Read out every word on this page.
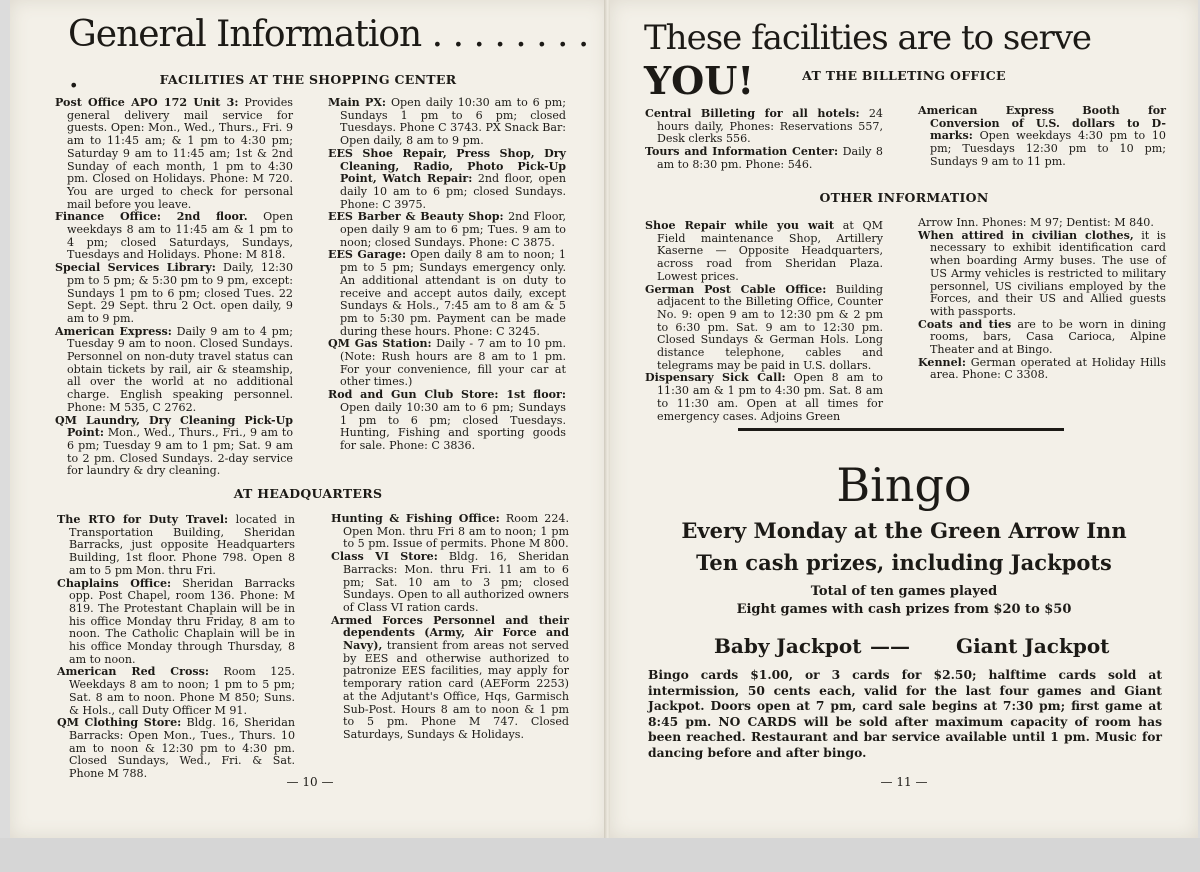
General Information . . . . . . . . .	FACILITIES AT THE SHOPPING CENTER

Post Office APO 172 Unit 3: Provides general delivery mail service for guests. Open: Mon., Wed., Thurs., Fri. 9 am to 11:45 am; & 1 pm to 4:30 pm; Saturday 9 am to 11:45 am; 1st & 2nd Sunday of each month, 1 pm to 4:30 pm. Closed on Holidays. Phone: M 720. You are urged to check for personal mail before you leave.

Finance Office: 2nd floor. Open weekdays 8 am to 11:45 am & 1 pm to 4 pm; closed Saturdays, Sundays, Tuesdays and Holidays. Phone: M 818.

Special Services Library: Daily, 12:30 pm to 5 pm; & 5:30 pm to 9 pm, except: Sundays 1 pm to 6 pm; closed Tues. 22 Sept. 29 Sept. thru 2 Oct. open daily, 9 am to 9 pm.

American Express: Daily 9 am to 4 pm; Tuesday 9 am to noon. Closed Sundays. Personnel on non-duty travel status can obtain tickets by rail, air & steamship, all over the world at no additional charge. English speaking personnel. Phone: M 535, C 2762.

QM Laundry, Dry Cleaning Pick-Up Point: Mon., Wed., Thurs., Fri., 9 am to 6 pm; Tuesday 9 am to 1 pm; Sat. 9 am to 2 pm. Closed Sundays. 2-day service for laundry & dry cleaning.

Main PX: Open daily 10:30 am to 6 pm; Sundays 1 pm to 6 pm; closed Tuesdays. Phone C 3743. PX Snack Bar: Open daily, 8 am to 9 pm.

EES Shoe Repair, Press Shop, Dry Cleaning, Radio, Photo Pick-Up Point, Watch Repair: 2nd floor, open daily 10 am to 6 pm; closed Sundays. Phone: C 3975.

EES Barber & Beauty Shop: 2nd Floor, open daily 9 am to 6 pm; Tues. 9 am to noon; closed Sundays. Phone: C 3875.

EES Garage: Open daily 8 am to noon; 1 pm to 5 pm; Sundays emergency only. An additional attendant is on duty to receive and accept autos daily, except Sundays & Hols., 7:45 am to 8 am & 5 pm to 5:30 pm. Payment can be made during these hours. Phone: C 3245.

QM Gas Station: Daily - 7 am to 10 pm. (Note: Rush hours are 8 am to 1 pm. For your convenience, fill your car at other times.)

Rod and Gun Club Store: 1st floor: Open daily 10:30 am to 6 pm; Sundays 1 pm to 6 pm; closed Tuesdays. Hunting, Fishing and sporting goods for sale. Phone: C 3836.

AT HEADQUARTERS

The RTO for Duty Travel: located in Transportation Building, Sheridan Barracks, just opposite Headquarters Building, 1st floor. Phone 798. Open 8 am to 5 pm Mon. thru Fri.

Chaplains Office: Sheridan Barracks opp. Post Chapel, room 136. Phone: M 819. The Protestant Chaplain will be in his office Monday thru Friday, 8 am to noon. The Catholic Chaplain will be in his office Monday through Thursday, 8 am to noon.

American Red Cross: Room 125. Weekdays 8 am to noon; 1 pm to 5 pm; Sat. 8 am to noon. Phone M 850; Suns. & Hols., call Duty Officer M 91.

QM Clothing Store: Bldg. 16, Sheridan Barracks: Open Mon., Tues., Thurs. 10 am to noon & 12:30 pm to 4:30 pm. Closed Sundays, Wed., Fri. & Sat. Phone M 788.

Hunting & Fishing Office: Room 224. Open Mon. thru Fri 8 am to noon; 1 pm to 5 pm. Issue of permits. Phone M 800.

Class VI Store: Bldg. 16, Sheridan Barracks: Mon. thru Fri. 11 am to 6 pm; Sat. 10 am to 3 pm; closed Sundays. Open to all authorized owners of Class VI ration cards.

Armed Forces Personnel and their dependents (Army, Air Force and Navy), transient from areas not served by EES and otherwise authorized to patronize EES facilities, may apply for temporary ration card (AEForm 2253) at the Adjutant's Office, Hqs, Garmisch Sub-Post. Hours 8 am to noon & 1 pm to 5 pm. Phone M 747. Closed Saturdays, Sundays & Holidays.

— 10 —
These facilities are to serve YOU!	AT THE BILLETING OFFICE

Central Billeting for all hotels: 24 hours daily, Phones: Reservations 557, Desk clerks 556.

Tours and Information Center: Daily 8 am to 8:30 pm. Phone: 546.

American Express Booth for Conversion of U.S. dollars to D-marks: Open weekdays 4:30 pm to 10 pm; Tuesdays 12:30 pm to 10 pm; Sundays 9 am to 11 pm.

OTHER INFORMATION

Shoe Repair while you wait at QM Field maintenance Shop, Artillery Kaserne — Opposite Headquarters, across road from Sheridan Plaza. Lowest prices.

German Post Cable Office: Building adjacent to the Billeting Office, Counter No. 9: open 9 am to 12:30 pm & 2 pm to 6:30 pm. Sat. 9 am to 12:30 pm. Closed Sundays & German Hols. Long distance telephone, cables and telegrams may be paid in U.S. dollars.

Dispensary Sick Call: Open 8 am to 11:30 am & 1 pm to 4:30 pm. Sat. 8 am to 11:30 am. Open at all times for emergency cases. Adjoins Green

Arrow Inn. Phones: M 97; Dentist: M 840.

When attired in civilian clothes, it is necessary to exhibit identification card when boarding Army buses. The use of US Army vehicles is restricted to military personnel, US civilians employed by the Forces, and their US and Allied guests with passports.

Coats and ties are to be worn in dining rooms, bars, Casa Carioca, Alpine Theater and at Bingo.

Kennel: German operated at Holiday Hills area. Phone: C 3308.

Bingo
Every Monday at the Green Arrow Inn
Ten cash prizes, including Jackpots
Total of ten games played
Eight games with cash prizes from $20 to $50
Baby Jackpot —— Giant Jackpot
Bingo cards $1.00, or 3 cards for $2.50; halftime cards sold at intermission, 50 cents each, valid for the last four games and Giant Jackpot. Doors open at 7 pm, card sale begins at 7:30 pm; first game at 8:45 pm. NO CARDS will be sold after maximum capacity of room has been reached. Restaurant and bar service available until 1 pm. Music for dancing before and after bingo.
— 11 —
